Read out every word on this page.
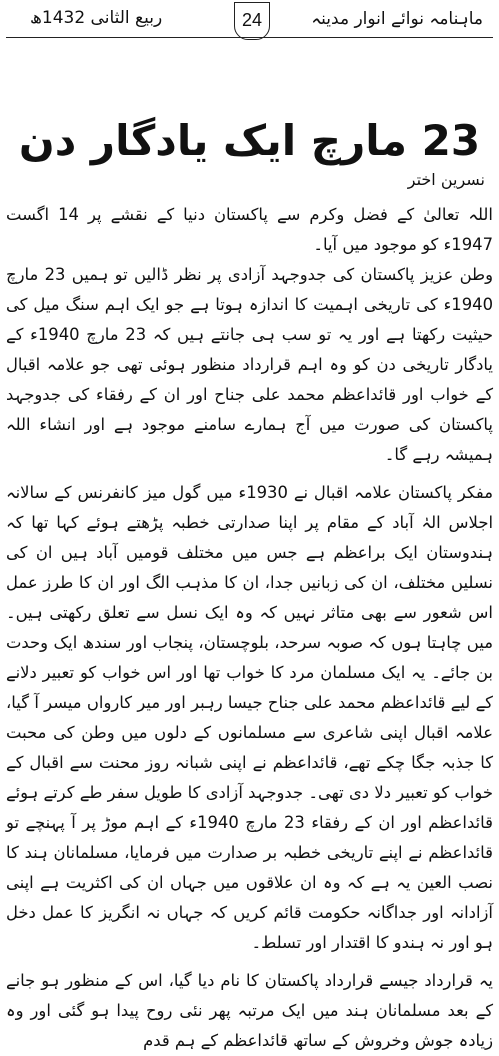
ماہنامہ نوائے انوار مدینہ
24
ربیع الثانی 1432ھ
23 مارچ ایک یادگار دن
نسرین اختر

اللہ تعالیٰ کے فضل وکرم سے پاکستان دنیا کے نقشے پر 14 اگست 1947ء کو موجود میں آیا۔

وطن عزیز پاکستان کی جدوجہد آزادی پر نظر ڈالیں تو ہمیں 23 مارچ 1940ء کی تاریخی اہمیت کا اندازہ ہوتا ہے جو ایک اہم سنگ میل کی حیثیت رکھتا ہے اور یہ تو سب ہی جانتے ہیں کہ 23 مارچ 1940ء کے یادگار تاریخی دن کو وہ اہم قرارداد منظور ہوئی تھی جو علامہ اقبال کے خواب اور قائداعظم محمد علی جناح اور ان کے رفقاء کی جدوجہد پاکستان کی صورت میں آج ہمارے سامنے موجود ہے اور انشاء اللہ ہمیشہ رہے گا۔

مفکر پاکستان علامہ اقبال نے 1930ء میں گول میز کانفرنس کے سالانہ اجلاس الہٰ آباد کے مقام پر اپنا صدارتی خطبہ پڑھتے ہوئے کہا تھا کہ ہندوستان ایک براعظم ہے جس میں مختلف قومیں آباد ہیں ان کی نسلیں مختلف، ان کی زبانیں جدا، ان کا مذہب الگ اور ان کا طرز عمل اس شعور سے بھی متاثر نہیں کہ وہ ایک نسل سے تعلق رکھتی ہیں۔ میں چاہتا ہوں کہ صوبہ سرحد، بلوچستان، پنجاب اور سندھ ایک وحدت بن جائے۔ یہ ایک مسلمان مرد کا خواب تھا اور اس خواب کو تعبیر دلانے کے لیے قائداعظم محمد علی جناح جیسا رہبر اور میر کارواں میسر آ گیا، علامہ اقبال اپنی شاعری سے مسلمانوں کے دلوں میں وطن کی محبت کا جذبہ جگا چکے تھے، قائداعظم نے اپنی شبانہ روز محنت سے اقبال کے خواب کو تعبیر دلا دی تھی۔ جدوجہد آزادی کا طویل سفر طے کرتے ہوئے قائداعظم اور ان کے رفقاء 23 مارچ 1940ء کے اہم موڑ پر آ پہنچے تو قائداعظم نے اپنے تاریخی خطبہ بر صدارت میں فرمایا، مسلمانان ہند کا نصب العین یہ ہے کہ وہ ان علاقوں میں جہاں ان کی اکثریت ہے اپنی آزادانہ اور جداگانہ حکومت قائم کریں کہ جہاں نہ انگریز کا عمل دخل ہو اور نہ ہندو کا اقتدار اور تسلط۔

یہ قرارداد جیسے قرارداد پاکستان کا نام دیا گیا، اس کے منظور ہو جانے کے بعد مسلمانان ہند میں ایک مرتبہ پھر نئی روح پیدا ہو گئی اور وہ زیادہ جوش وخروش کے ساتھ قائداعظم کے ہم قدم
